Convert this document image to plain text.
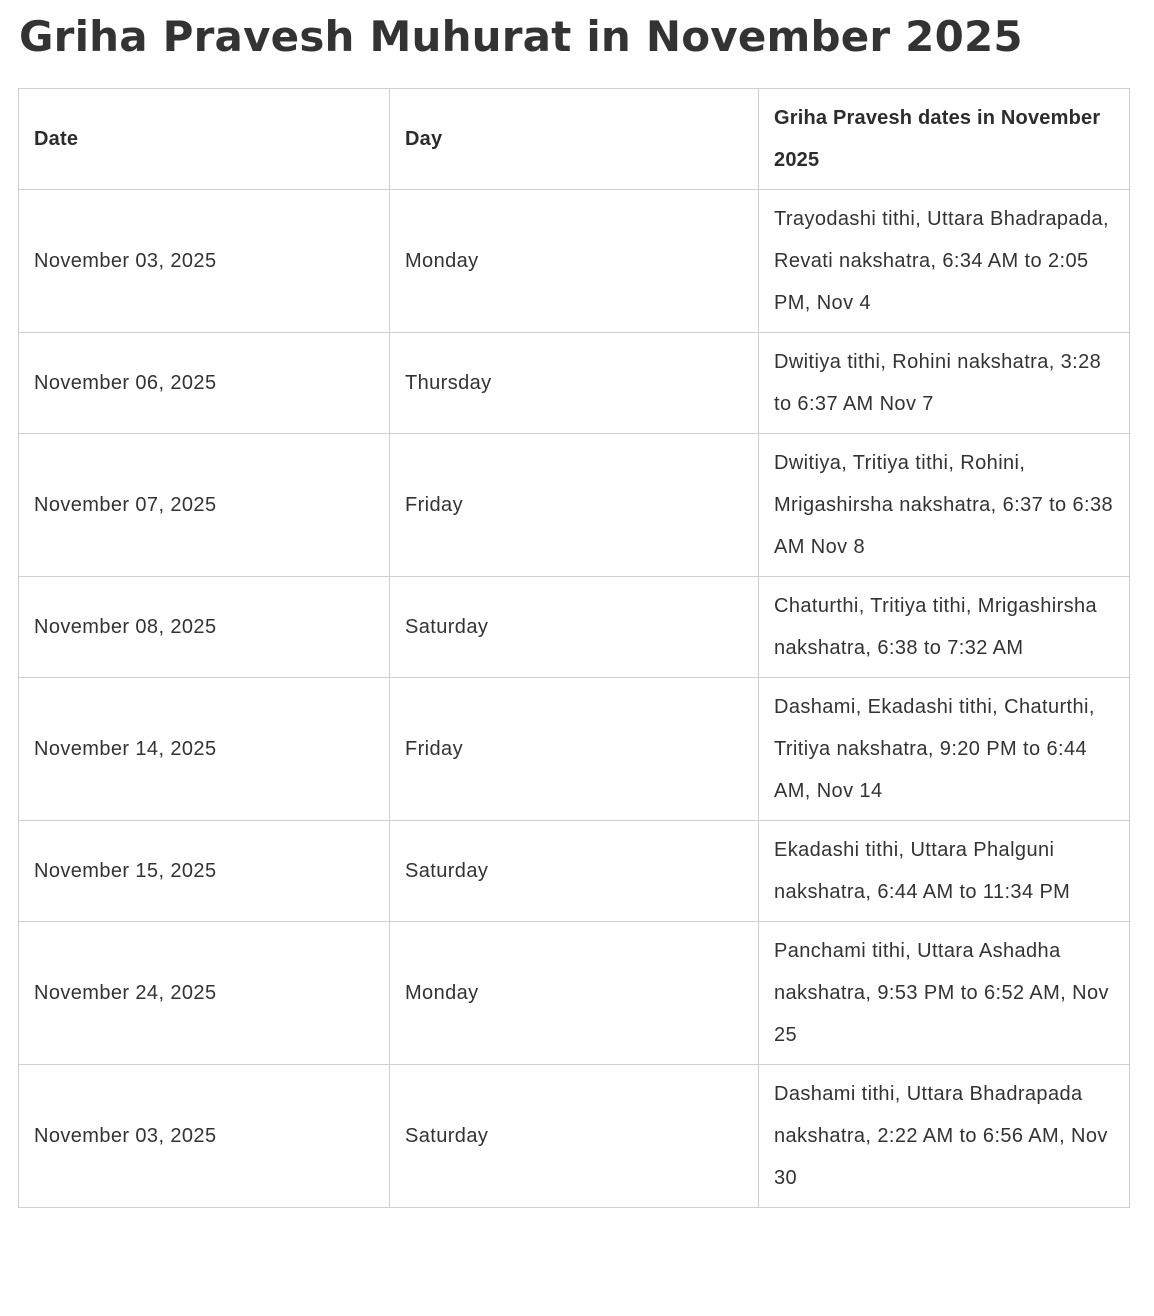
Griha Pravesh Muhurat in November 2025
Date	Day	Griha Pravesh dates in November 2025
November 03, 2025	Monday	Trayodashi tithi, Uttara Bhadrapada, Revati nakshatra, 6:34 AM to 2:05 PM, Nov 4
November 06, 2025	Thursday	Dwitiya tithi, Rohini nakshatra, 3:28 to 6:37 AM Nov 7
November 07, 2025	Friday	Dwitiya, Tritiya tithi, Rohini, Mrigashirsha nakshatra, 6:37 to 6:38 AM Nov 8
November 08, 2025	Saturday	Chaturthi, Tritiya tithi, Mrigashirsha nakshatra, 6:38 to 7:32 AM
November 14, 2025	Friday	Dashami, Ekadashi tithi, Chaturthi, Tritiya nakshatra, 9:20 PM to 6:44 AM, Nov 14
November 15, 2025	Saturday	Ekadashi tithi, Uttara Phalguni nakshatra, 6:44 AM to 11:34 PM
November 24, 2025	Monday	Panchami tithi, Uttara Ashadha nakshatra, 9:53 PM to 6:52 AM, Nov 25
November 03, 2025	Saturday	Dashami tithi, Uttara Bhadrapada nakshatra, 2:22 AM to 6:56 AM, Nov 30
